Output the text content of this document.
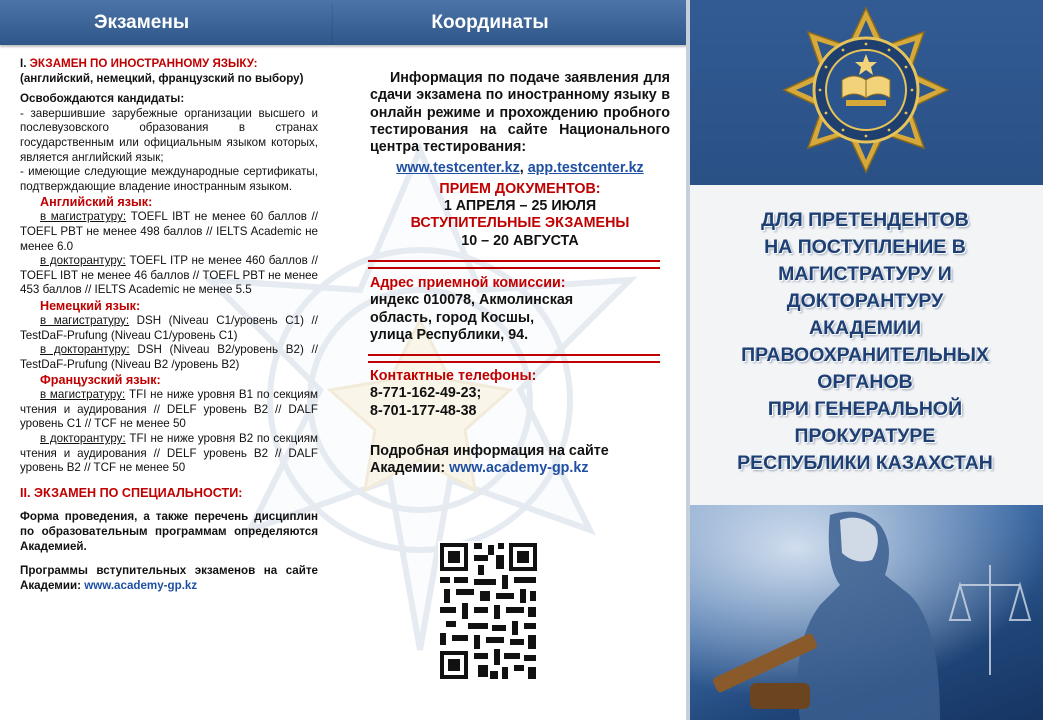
Экзамены	Координаты

I. ЭКЗАМЕН ПО ИНОСТРАННОМУ ЯЗЫКУ:

(английский, немецкий, французский по выбору)

Освобождаются кандидаты:

- завершившие зарубежные организации высшего и послевузовского образования в странах государственным или официальным языком которых, является английский язык;

- имеющие следующие международные сертификаты, подтверждающие владение иностранным языком.

Английский язык:

в магистратуру: TOEFL IBT не менее 60 баллов // TOEFL PBT не менее 498 баллов // IELTS Academic не менее 6.0

в докторантуру: TOEFL ITP не менее 460 баллов // TOEFL IBT не менее 46 баллов // TOEFL PBT не менее 453 баллов // IELTS Academic не менее 5.5

Немецкий язык:

в магистратуру: DSH (Niveau C1/уровень C1) // TestDaF-Prufung (Niveau C1/уровень C1)

в докторантуру: DSH (Niveau B2/уровень B2) // TestDaF-Prufung (Niveau B2 /уровень B2)

Французский язык:

в магистратуру: TFI не ниже уровня B1 по секциям чтения и аудирования // DELF уровень B2 // DALF уровень C1 // TCF не менее 50

в докторантуру: TFI не ниже уровня B2 по секциям чтения и аудирования // DELF уровень B2 // DALF уровень B2 // TCF не менее 50

II. ЭКЗАМЕН ПО СПЕЦИАЛЬНОСТИ:

Форма проведения, а также перечень дисциплин по образовательным программам определяются Академией.

Программы вступительных экзаменов на сайте Академии: www.academy-gp.kz

Информация по подаче заявления для сдачи экзамена по иностранному языку в онлайн режиме и прохождению пробного тестирования на сайте Национального центра тестирования:

www.testcenter.kz, app.testcenter.kz

ПРИЕМ ДОКУМЕНТОВ:

1 АПРЕЛЯ – 25 ИЮЛЯ

ВСТУПИТЕЛЬНЫЕ ЭКЗАМЕНЫ

10 – 20 АВГУСТА

Адрес приемной комиссии:

индекс 010078, Акмолинская

область, город Косшы,

улица Республики, 94.

Контактные телефоны:

8-771-162-49-23;

8-701-177-48-38

Подробная информация на сайте Академии: www.academy-gp.kz

ДЛЯ ПРЕТЕНДЕНТОВ
НА ПОСТУПЛЕНИЕ В
МАГИСТРАТУРУ И
ДОКТОРАНТУРУ
АКАДЕМИИ
ПРАВООХРАНИТЕЛЬНЫХ
ОРГАНОВ
ПРИ ГЕНЕРАЛЬНОЙ
ПРОКУРАТУРЕ
РЕСПУБЛИКИ КАЗАХСТАН
